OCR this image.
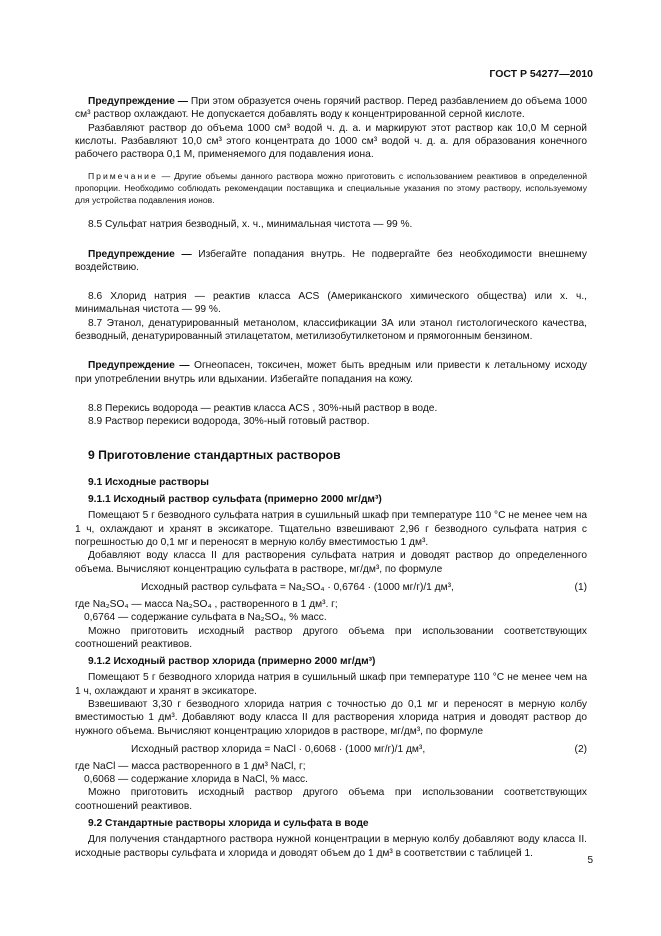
ГОСТ Р 54277—2010

Предупреждение — При этом образуется очень горячий раствор. Перед разбавлением до объема 1000 см³ раствор охлаждают. Не допускается добавлять воду к концентрированной серной кислоте.

Разбавляют раствор до объема 1000 см³ водой ч. д. а. и маркируют этот раствор как 10,0 М серной кислоты. Разбавляют 10,0 см³ этого концентрата до 1000 см³ водой ч. д. а. для образования конечного рабочего раствора 0,1 М, применяемого для подавления иона.

Примечание — Другие объемы данного раствора можно приготовить с использованием реактивов в определенной пропорции. Необходимо соблюдать рекомендации поставщика и специальные указания по этому раствору, используемому для устройства подавления ионов.

8.5 Сульфат натрия безводный, х. ч., минимальная чистота — 99 %.

Предупреждение — Избегайте попадания внутрь. Не подвергайте без необходимости внешнему воздействию.

8.6 Хлорид натрия — реактив класса ACS (Американского химического общества) или х. ч., минимальная чистота — 99 %.

8.7 Этанол, денатурированный метанолом, классификации 3А или этанол гистологического качества, безводный, денатурированный этилацетатом, метилизобутилкетоном и прямогонным бензином.

Предупреждение — Огнеопасен, токсичен, может быть вредным или привести к летальному исходу при употреблении внутрь или вдыхании. Избегайте попадания на кожу.

8.8 Перекись водорода — реактив класса ACS , 30%-ный раствор в воде.

8.9 Раствор перекиси водорода, 30%-ный готовый раствор.

9 Приготовление стандартных растворов
9.1 Исходные растворы
9.1.1 Исходный раствор сульфата (примерно 2000 мг/дм³)

Помещают 5 г безводного сульфата натрия в сушильный шкаф при температуре 110 °С не менее чем на 1 ч, охлаждают и хранят в эксикаторе. Тщательно взвешивают 2,96 г безводного сульфата натрия с погрешностью до 0,1 мг и переносят в мерную колбу вместимостью 1 дм³.

Добавляют воду класса II для растворения сульфата натрия и доводят раствор до определенного объема. Вычисляют концентрацию сульфата в растворе, мг/дм³, по формуле

Исходный раствор сульфата = Na₂SO₄ · 0,6764 · (1000 мг/г)/1 дм³,	(1)

где Na₂SO₄ — масса Na₂SO₄ , растворенного в 1 дм³. г;

0,6764 — содержание сульфата в Na₂SO₄, % масс.

Можно приготовить исходный раствор другого объема при использовании соответствующих соотношений реактивов.

9.1.2 Исходный раствор хлорида (примерно 2000 мг/дм³)

Помещают 5 г безводного хлорида натрия в сушильный шкаф при температуре 110 °С не менее чем на 1 ч, охлаждают и хранят в эксикаторе.

Взвешивают 3,30 г безводного хлорида натрия с точностью до 0,1 мг и переносят в мерную колбу вместимостью 1 дм³. Добавляют воду класса II для растворения хлорида натрия и доводят раствор до нужного объема. Вычисляют концентрацию хлоридов в растворе, мг/дм³, по формуле

Исходный раствор хлорида = NaCl · 0,6068 · (1000 мг/г)/1 дм³,	(2)

где NaCl — масса растворенного в 1 дм³ NaCl, г;

0,6068 — содержание хлорида в NaCl, % масс.

Можно приготовить исходный раствор другого объема при использовании соответствующих соотношений реактивов.

9.2 Стандартные растворы хлорида и сульфата в воде

Для получения стандартного раствора нужной концентрации в мерную колбу добавляют воду класса II. исходные растворы сульфата и хлорида и доводят объем до 1 дм³ в соответствии с таблицей 1.

5
